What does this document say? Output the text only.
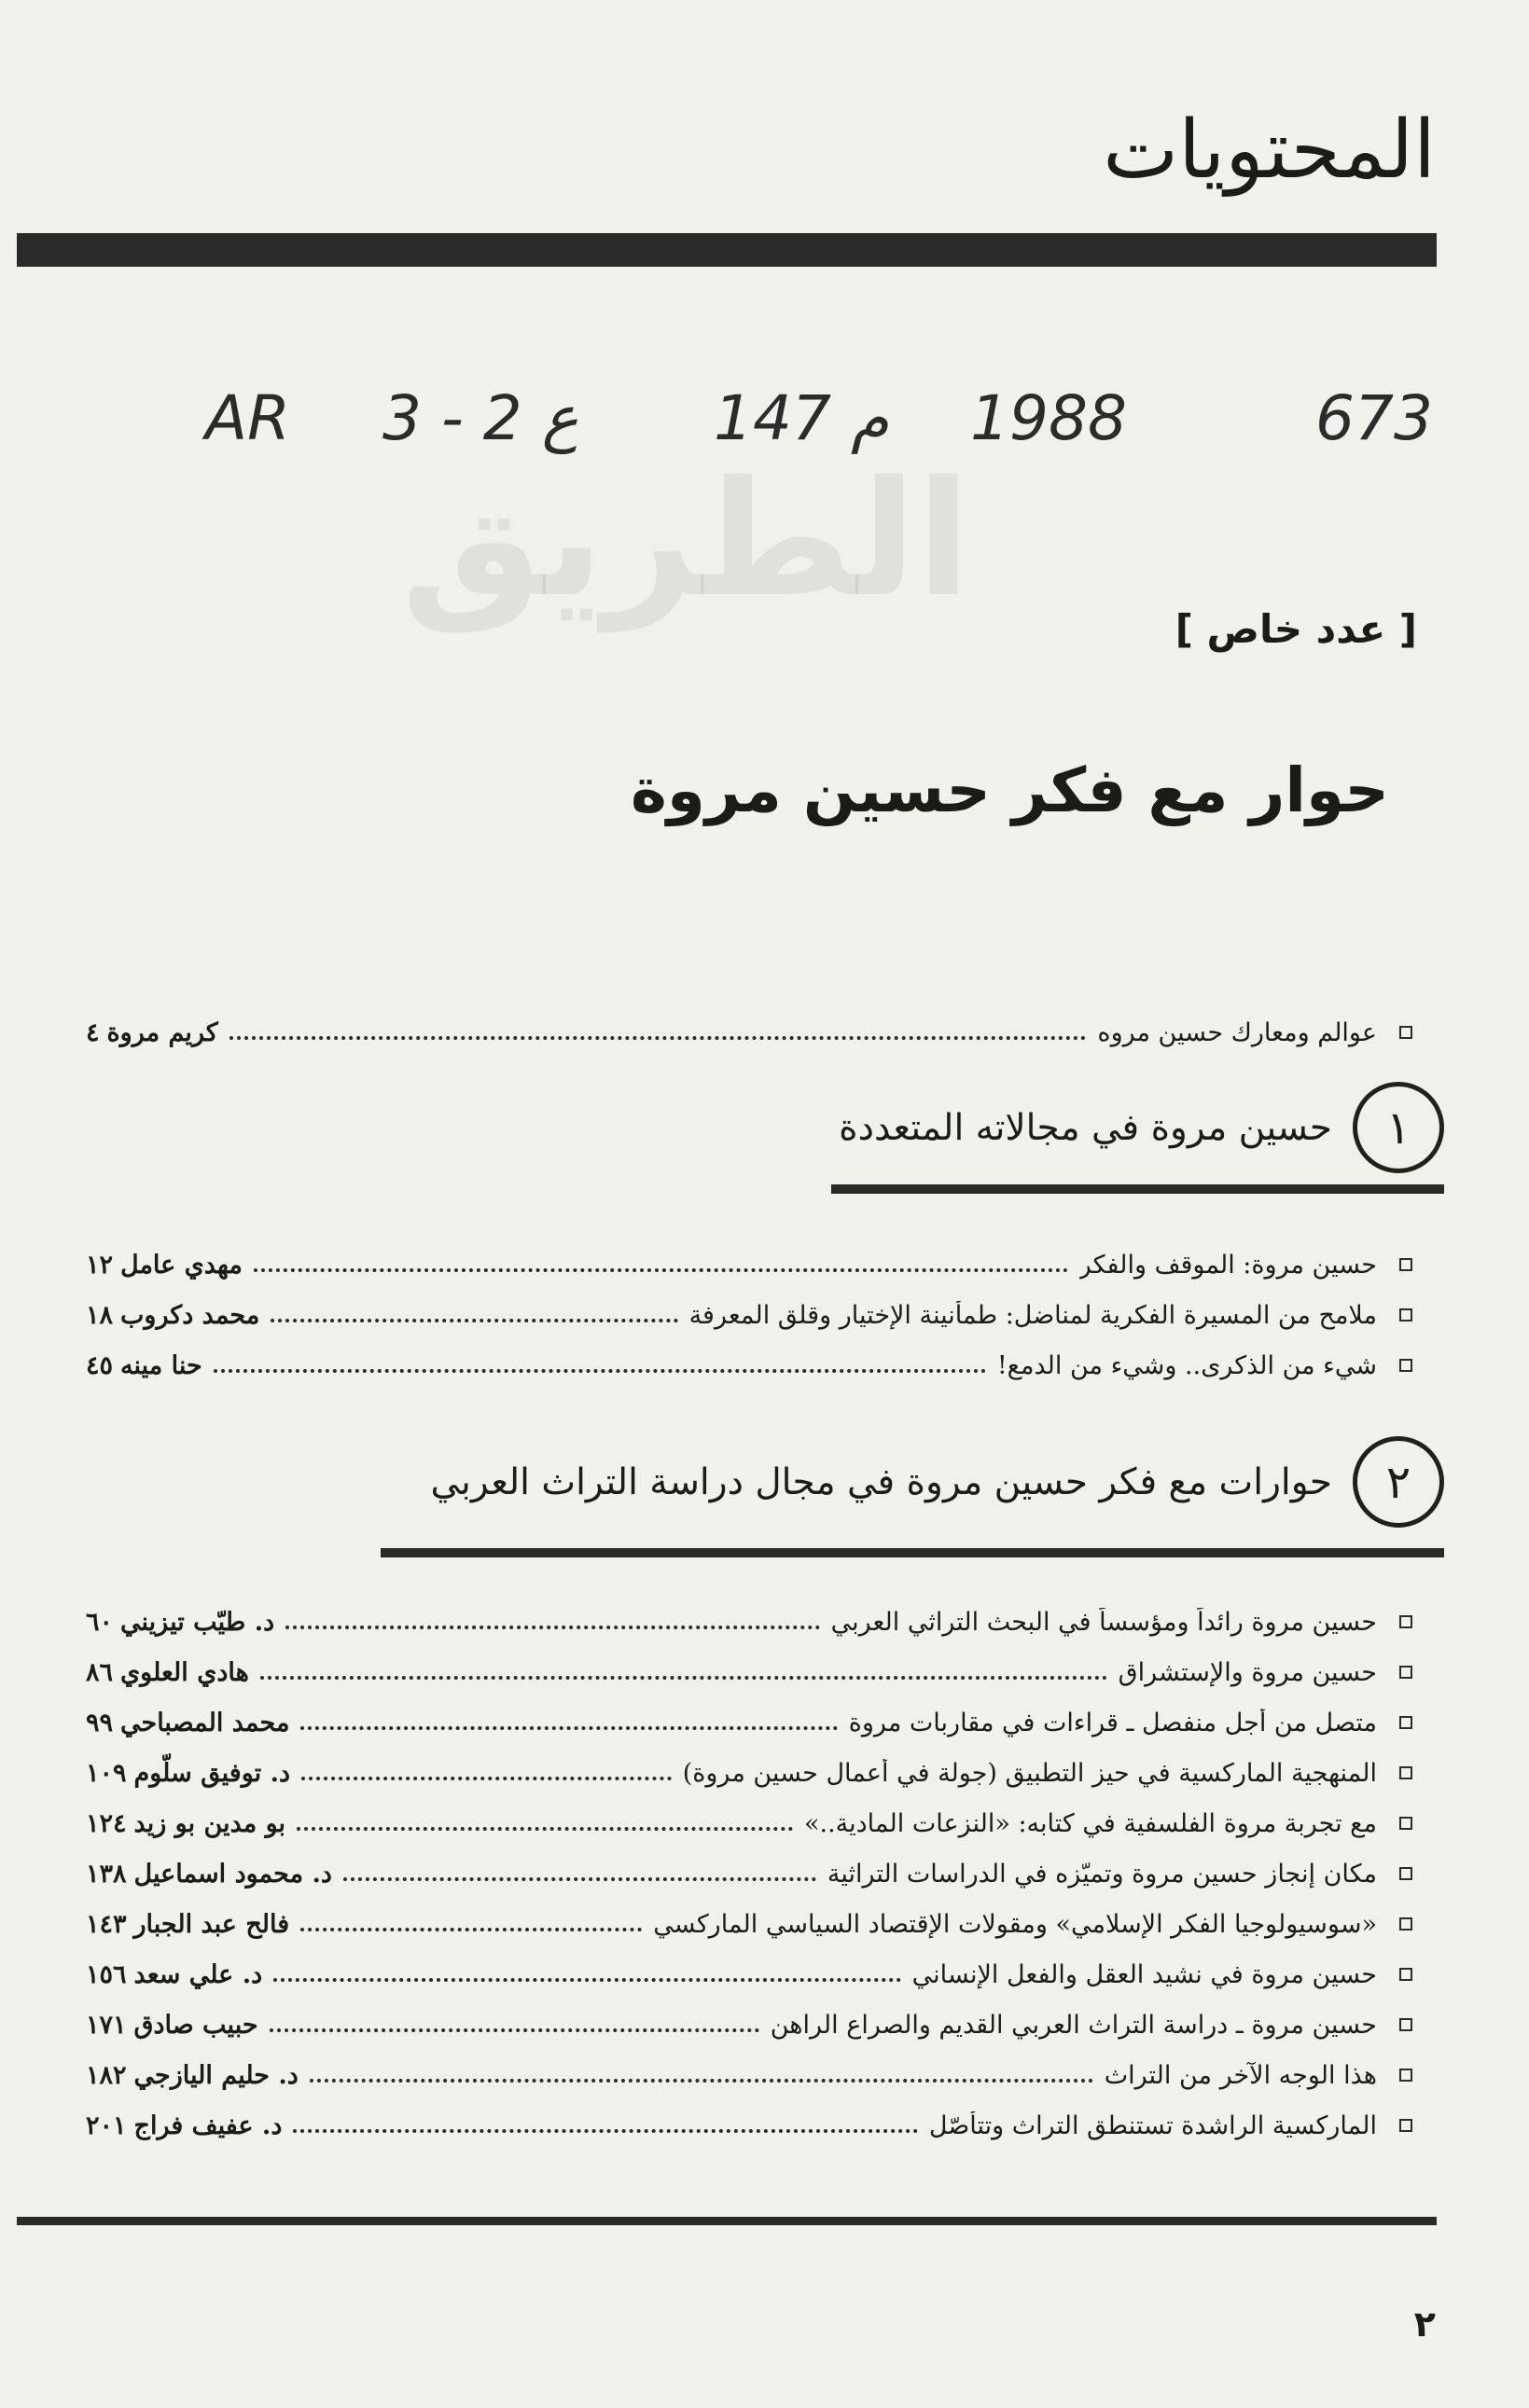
الطريق
المحتويات
673
1988
م 147
ع 2 - 3
AR
[ عدد خاص ]
حوار مع فكر حسين مروة
عوالم ومعارك حسين مروه
كريم مروة
٤
١
حسين مروة في مجالاته المتعددة
حسين مروة: الموقف والفكر
مهدي عامل
١٢
ملامح من المسيرة الفكرية لمناضل: طمأنينة الإختيار وقلق المعرفة
محمد دكروب
١٨
شيء من الذكرى.. وشيء من الدمع!
حنا مينه
٤٥
٢
حوارات مع فكر حسين مروة في مجال دراسة التراث العربي
حسين مروة رائداً ومؤسساً في البحث التراثي العربي
د. طيّب تيزيني
٦٠
حسين مروة والإستشراق
هادي العلوي
٨٦
متصل من أجل منفصل ـ قراءات في مقاربات مروة
محمد المصباحي
٩٩
المنهجية الماركسية في حيز التطبيق (جولة في أعمال حسين مروة)
د. توفيق سلّوم
١٠٩
مع تجربة مروة الفلسفية في كتابه: «النزعات المادية..»
بو مدين بو زيد
١٢٤
مكان إنجاز حسين مروة وتميّزه في الدراسات التراثية
د. محمود اسماعيل
١٣٨
«سوسيولوجيا الفكر الإسلامي» ومقولات الإقتصاد السياسي الماركسي
فالح عبد الجبار
١٤٣
حسين مروة في نشيد العقل والفعل الإنساني
د. علي سعد
١٥٦
حسين مروة ـ دراسة التراث العربي القديم والصراع الراهن
حبيب صادق
١٧١
هذا الوجه الآخر من التراث
د. حليم اليازجي
١٨٢
الماركسية الراشدة تستنطق التراث وتتأصّل
د. عفيف فراج
٢٠١
٢
